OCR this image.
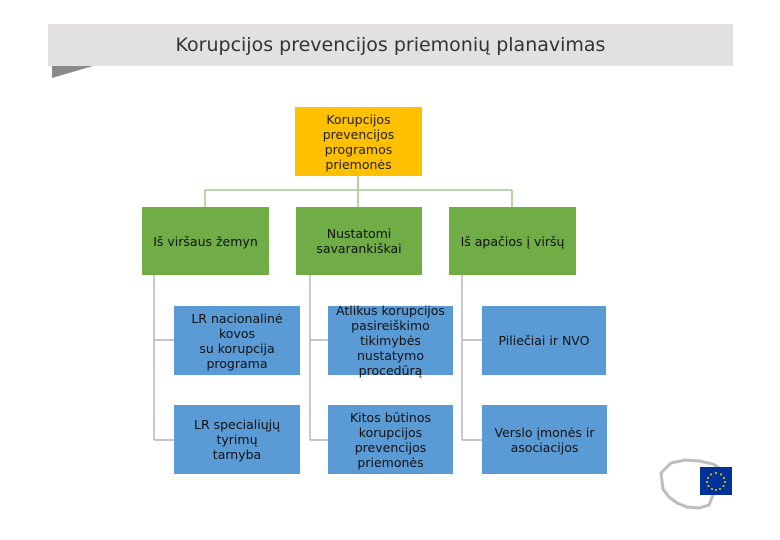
Korupcijos prevencijos priemonių planavimas
Korupcijos prevencijos
programos priemonės
Iš viršaus žemyn	Nustatomi
savarankiškai	Iš apačios į viršų
LR nacionalinė kovos
su korupcija programa
LR specialiųjų tyrimų
tarnyba
Atlikus korupcijos
pasireiškimo tikimybės
nustatymo procedūrą
Kitos būtinos
korupcijos prevencijos
priemonės
Piliečiai ir NVO
Verslo įmonės ir
asociacijos
